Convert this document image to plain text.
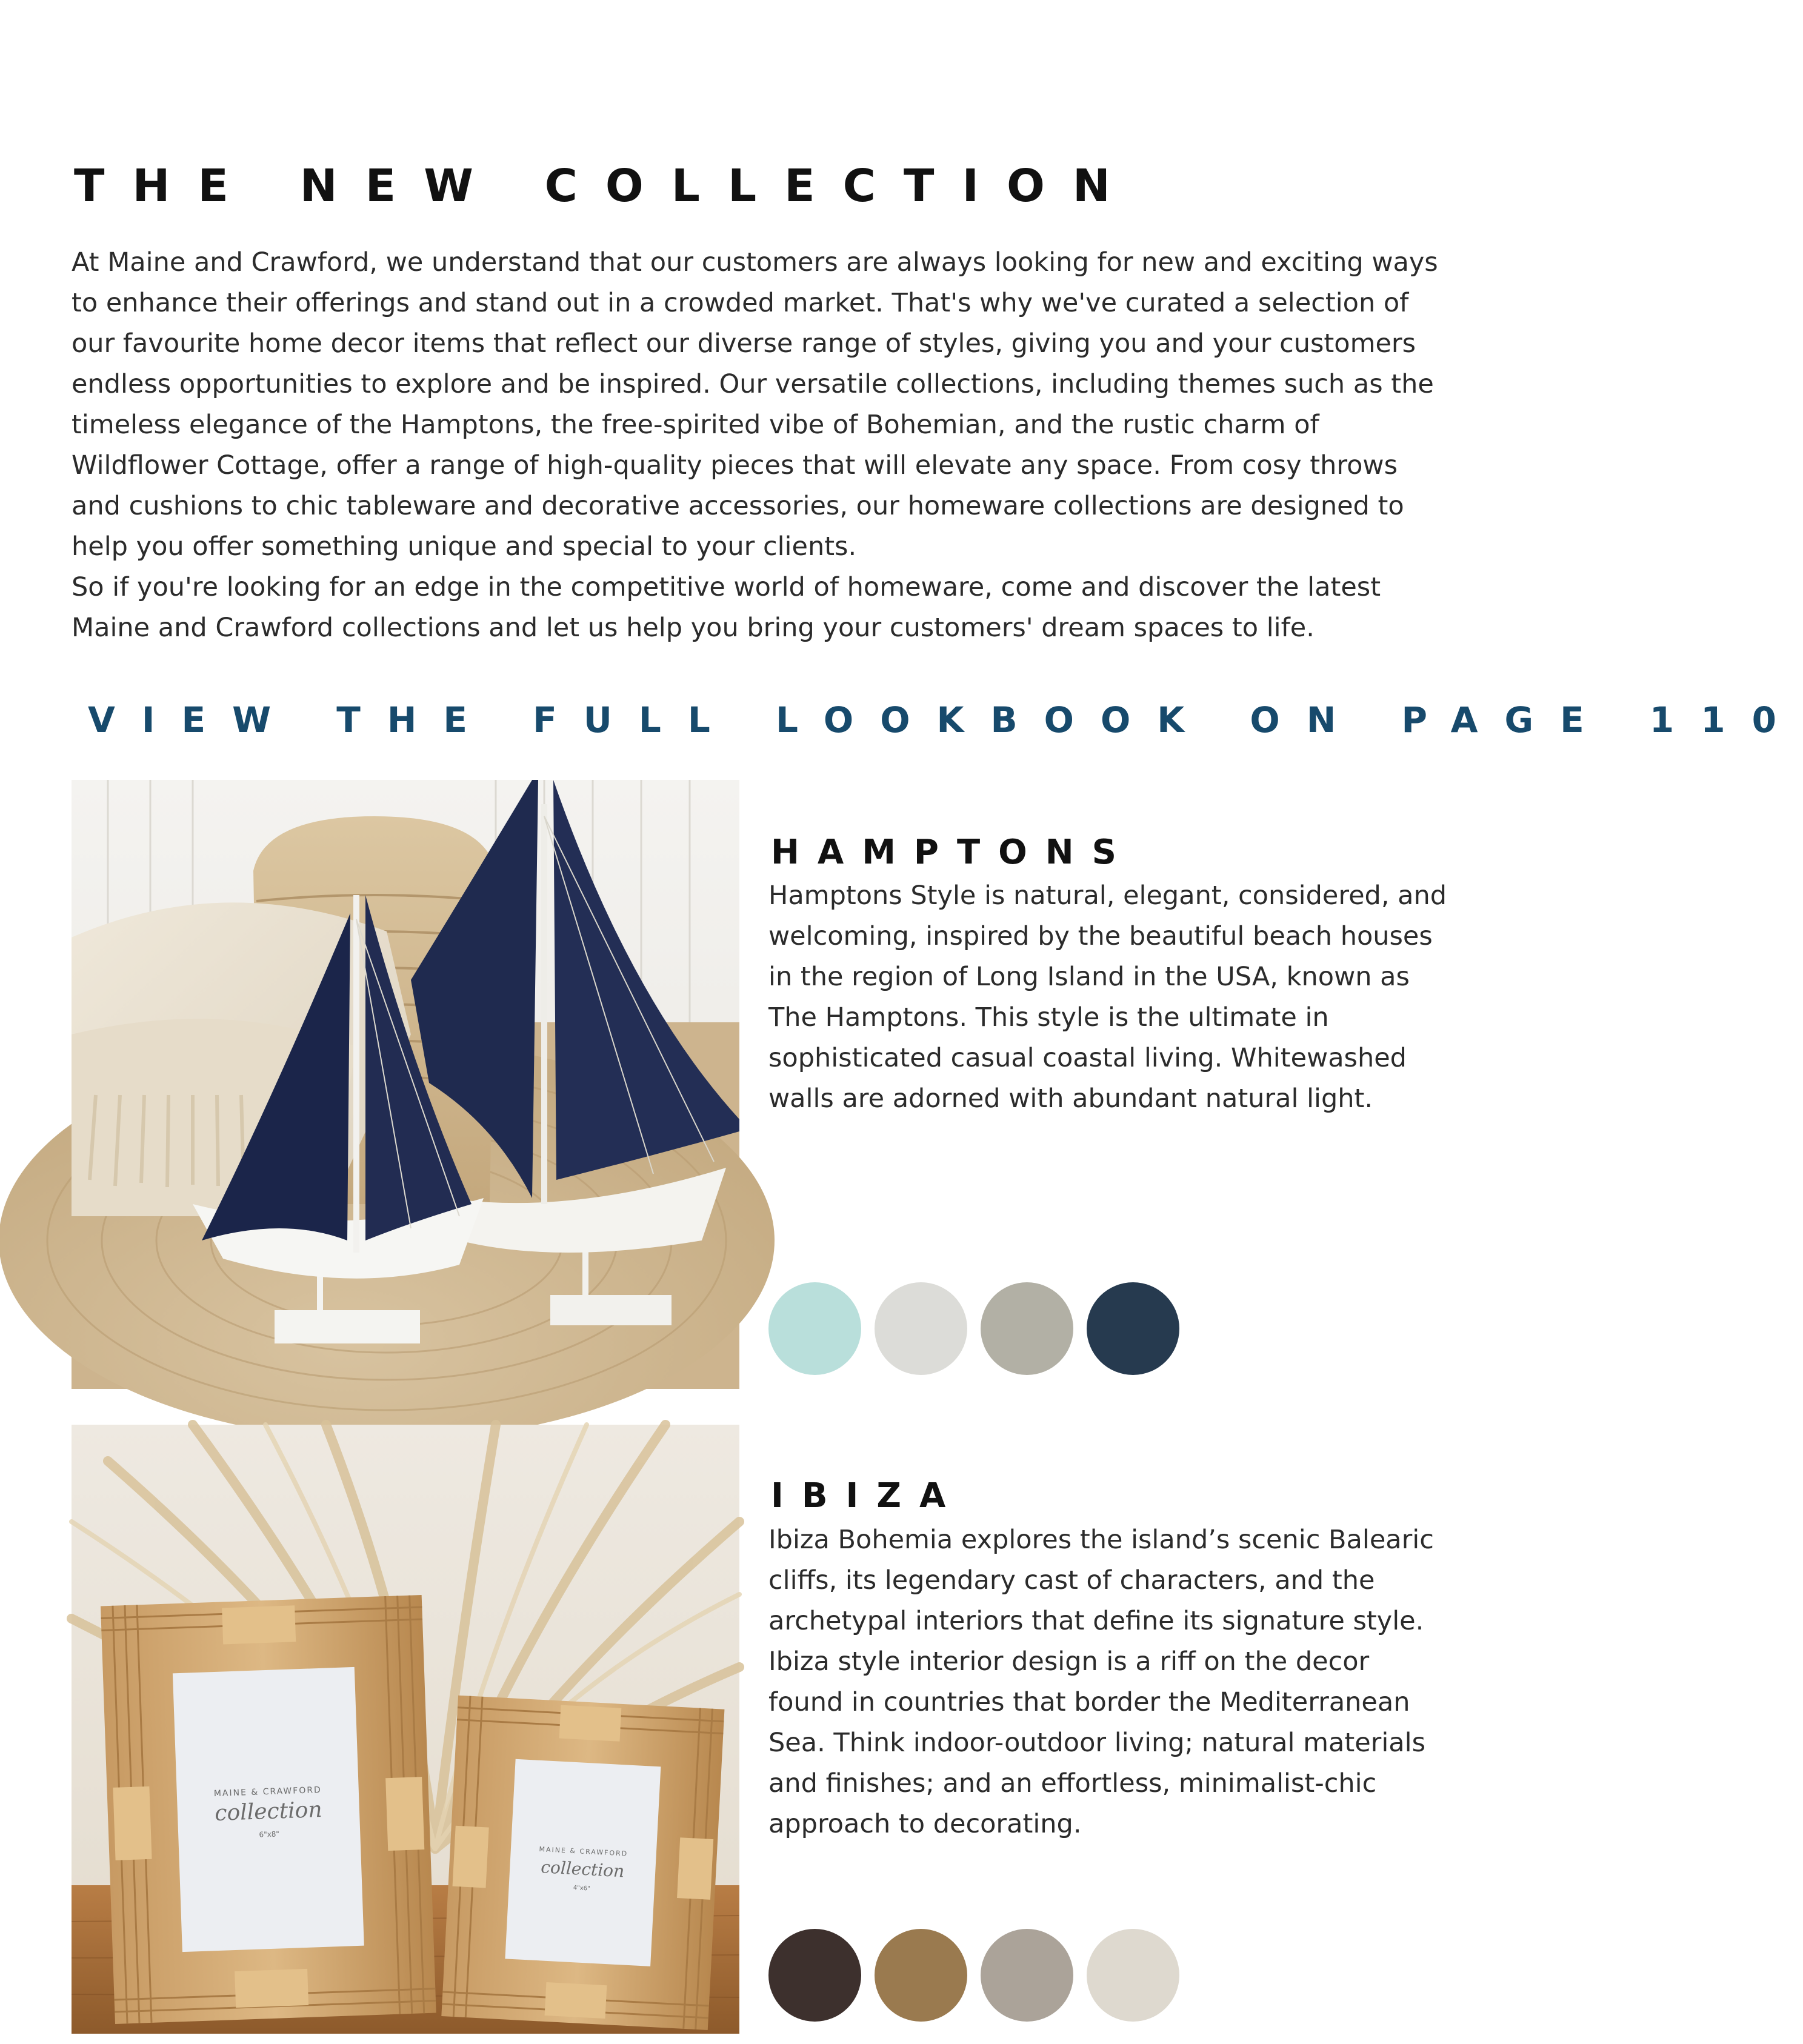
THE NEW COLLECTION

At Maine and Crawford, we understand that our customers are always looking for new and exciting ways to enhance their offerings and stand out in a crowded market. That's why we've curated a selection of our favourite home decor items that reflect our diverse range of styles, giving you and your customers endless opportunities to explore and be inspired. Our versatile collections, including themes such as the timeless elegance of the Hamptons, the free-spirited vibe of Bohemian, and the rustic charm of Wildflower Cottage, offer a range of high-quality pieces that will elevate any space. From cosy throws and cushions to chic tableware and decorative accessories, our homeware collections are designed to help you offer something unique and special to your clients.
So if you're looking for an edge in the competitive world of homeware, come and discover the latest Maine and Crawford collections and let us help you bring your customers' dream spaces to life.

VIEW THE FULL LOOKBOOK ON PAGE 110
HAMPTONS

Hamptons Style is natural, elegant, considered, and welcoming, inspired by the beautiful beach houses in the region of Long Island in the USA, known as The Hamptons. This style is the ultimate in sophisticated casual coastal living. Whitewashed walls are adorned with abundant natural light.

MAINE & CRAWFORD
collection
6"x8"
MAINE & CRAWFORD
collection
4"x6"
IBIZA

Ibiza Bohemia explores the island’s scenic Balearic cliffs, its legendary cast of characters, and the archetypal interiors that define its signature style. Ibiza style interior design is a riff on the decor found in countries that border the Mediterranean Sea. Think indoor-outdoor living; natural materials and finishes; and an effortless, minimalist-chic approach to decorating.
